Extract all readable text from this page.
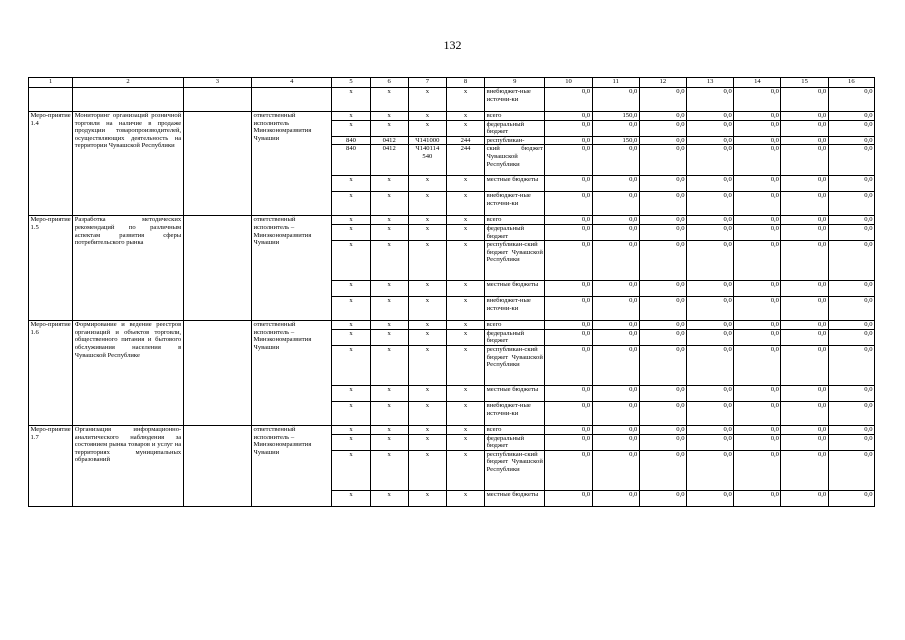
132
1	2	3	4	5	6	7	8	9	10	11	12	13	14	15	16
				x	x	x	x	внебюджет-ные источни-ки	0,0	0,0	0,0	0,0	0,0	0,0	0,0
Меро-приятие 1.4	Мониторинг организаций розничной торговли на наличие в продаже продукции товаропроизводителей, осуществляющих деятельность на территории Чувашской Республики		ответственный исполнитель Минэкономразвития Чувашии	x	x	x	x	всего	0,0	150,0	0,0	0,0	0,0	0,0	0,0
				x	x	x	x	федеральный бюджет	0,0	0,0	0,0	0,0	0,0	0,0	0,0
				840	0412	Ч141000	244	республикан-	0,0	150,0	0,0	0,0	0,0	0,0	0,0
				840	0412	Ч140114 540	244	ский бюджет Чувашской Республики	0,0	0,0	0,0	0,0	0,0	0,0	0,0
				x	x	x	x	местные бюджеты	0,0	0,0	0,0	0,0	0,0	0,0	0,0
				x	x	x	x	внебюджет-ные источни-ки	0,0	0,0	0,0	0,0	0,0	0,0	0,0
Меро-приятие 1.5	Разработка методических рекомендаций по различным аспектам развития сферы потребительского рынка		ответственный исполнитель – Минэкономразвития Чувашии	x	x	x	x	всего	0,0	0,0	0,0	0,0	0,0	0,0	0,0
				x	x	x	x	федеральный бюджет	0,0	0,0	0,0	0,0	0,0	0,0	0,0
				x	x	x	x	республикан-ский бюджет Чувашской Республики	0,0	0,0	0,0	0,0	0,0	0,0	0,0
				x	x	x	x	местные бюджеты	0,0	0,0	0,0	0,0	0,0	0,0	0,0
				x	x	x	x	внебюджет-ные источни-ки	0,0	0,0	0,0	0,0	0,0	0,0	0,0
Меро-приятие 1.6	Формирование и ведение реестров организаций и объектов торговли, общественного питания и бытового обслуживания населения в Чувашской Республике		ответственный исполнитель – Минэкономразвития Чувашии	x	x	x	x	всего	0,0	0,0	0,0	0,0	0,0	0,0	0,0
				x	x	x	x	федеральный бюджет	0,0	0,0	0,0	0,0	0,0	0,0	0,0
				x	x	x	x	республикан-ский бюджет Чувашской Республики	0,0	0,0	0,0	0,0	0,0	0,0	0,0
				x	x	x	x	местные бюджеты	0,0	0,0	0,0	0,0	0,0	0,0	0,0
				x	x	x	x	внебюджет-ные источни-ки	0,0	0,0	0,0	0,0	0,0	0,0	0,0
Меро-приятие 1.7	Организация информационно-аналитического наблюдения за состоянием рынка товаров и услуг на территориях муниципальных образований		ответственный исполнитель – Минэкономразвития Чувашии	x	x	x	x	всего	0,0	0,0	0,0	0,0	0,0	0,0	0,0
				x	x	x	x	федеральный бюджет	0,0	0,0	0,0	0,0	0,0	0,0	0,0
				x	x	x	x	республикан-ский бюджет Чувашской Республики	0,0	0,0	0,0	0,0	0,0	0,0	0,0
				x	x	x	x	местные бюджеты	0,0	0,0	0,0	0,0	0,0	0,0	0,0
